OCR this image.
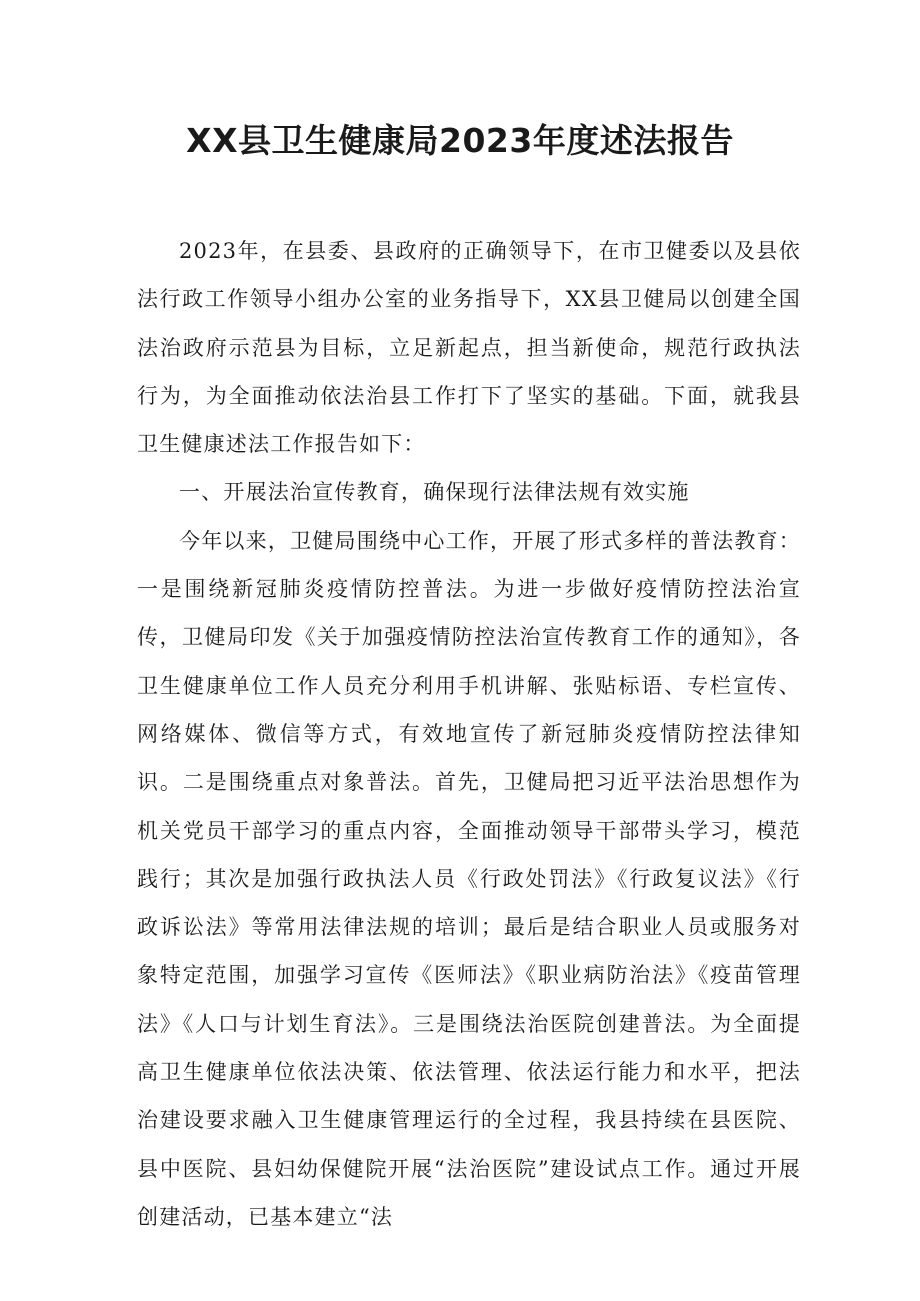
XX县卫生健康局2023年度述法报告

2023年，在县委、县政府的正确领导下，在市卫健委以及县依法行政工作领导小组办公室的业务指导下，XX县卫健局以创建全国法治政府示范县为目标，立足新起点，担当新使命，规范行政执法行为，为全面推动依法治县工作打下了坚实的基础。下面，就我县卫生健康述法工作报告如下：

一、开展法治宣传教育，确保现行法律法规有效实施

今年以来，卫健局围绕中心工作，开展了形式多样的普法教育：一是围绕新冠肺炎疫情防控普法。为进一步做好疫情防控法治宣传，卫健局印发《关于加强疫情防控法治宣传教育工作的通知》，各卫生健康单位工作人员充分利用手机讲解、张贴标语、专栏宣传、网络媒体、微信等方式，有效地宣传了新冠肺炎疫情防控法律知识。二是围绕重点对象普法。首先，卫健局把习近平法治思想作为机关党员干部学习的重点内容，全面推动领导干部带头学习，模范践行；其次是加强行政执法人员《行政处罚法》《行政复议法》《行政诉讼法》等常用法律法规的培训；最后是结合职业人员或服务对象特定范围，加强学习宣传《医师法》《职业病防治法》《疫苗管理法》《人口与计划生育法》。三是围绕法治医院创建普法。为全面提高卫生健康单位依法决策、依法管理、依法运行能力和水平，把法治建设要求融入卫生健康管理运行的全过程，我县持续在县医院、县中医院、县妇幼保健院开展“法治医院”建设试点工作。通过开展创建活动，已基本建立“法
